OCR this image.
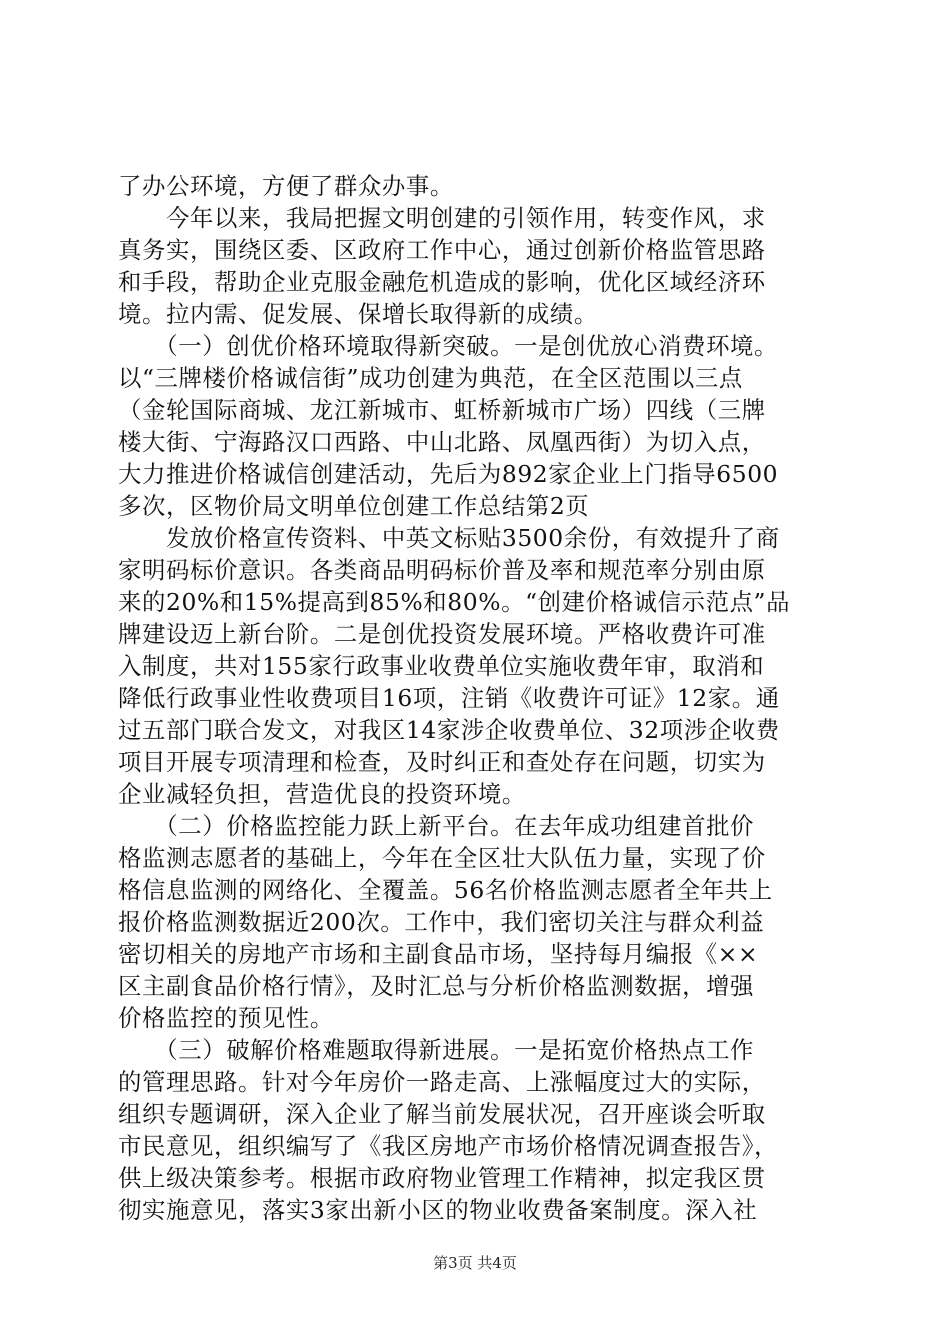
了办公环境，方便了群众办事。
　　今年以来，我局把握文明创建的引领作用，转变作风，求
真务实，围绕区委、区政府工作中心，通过创新价格监管思路
和手段，帮助企业克服金融危机造成的影响，优化区域经济环
境。拉内需、促发展、保增长取得新的成绩。
　　（一）创优价格环境取得新突破。一是创优放心消费环境。
以“三牌楼价格诚信街”成功创建为典范，在全区范围以三点
（金轮国际商城、龙江新城市、虹桥新城市广场）四线（三牌
楼大街、宁海路汉口西路、中山北路、凤凰西街）为切入点，
大力推进价格诚信创建活动，先后为892家企业上门指导6500
多次，区物价局文明单位创建工作总结第2页
　　发放价格宣传资料、中英文标贴3500余份，有效提升了商
家明码标价意识。各类商品明码标价普及率和规范率分别由原
来的20%和15%提高到85%和80%。“创建价格诚信示范点”品
牌建设迈上新台阶。二是创优投资发展环境。严格收费许可准
入制度，共对155家行政事业收费单位实施收费年审，取消和
降低行政事业性收费项目16项，注销《收费许可证》12家。通
过五部门联合发文，对我区14家涉企收费单位、32项涉企收费
项目开展专项清理和检查，及时纠正和查处存在问题，切实为
企业减轻负担，营造优良的投资环境。
　　（二）价格监控能力跃上新平台。在去年成功组建首批价
格监测志愿者的基础上，今年在全区壮大队伍力量，实现了价
格信息监测的网络化、全覆盖。56名价格监测志愿者全年共上
报价格监测数据近200次。工作中，我们密切关注与群众利益
密切相关的房地产市场和主副食品市场，坚持每月编报《××
区主副食品价格行情》，及时汇总与分析价格监测数据，增强
价格监控的预见性。
　　（三）破解价格难题取得新进展。一是拓宽价格热点工作
的管理思路。针对今年房价一路走高、上涨幅度过大的实际，
组织专题调研，深入企业了解当前发展状况，召开座谈会听取
市民意见，组织编写了《我区房地产市场价格情况调查报告》，
供上级决策参考。根据市政府物业管理工作精神，拟定我区贯
彻实施意见，落实3家出新小区的物业收费备案制度。深入社
第3页 共4页
